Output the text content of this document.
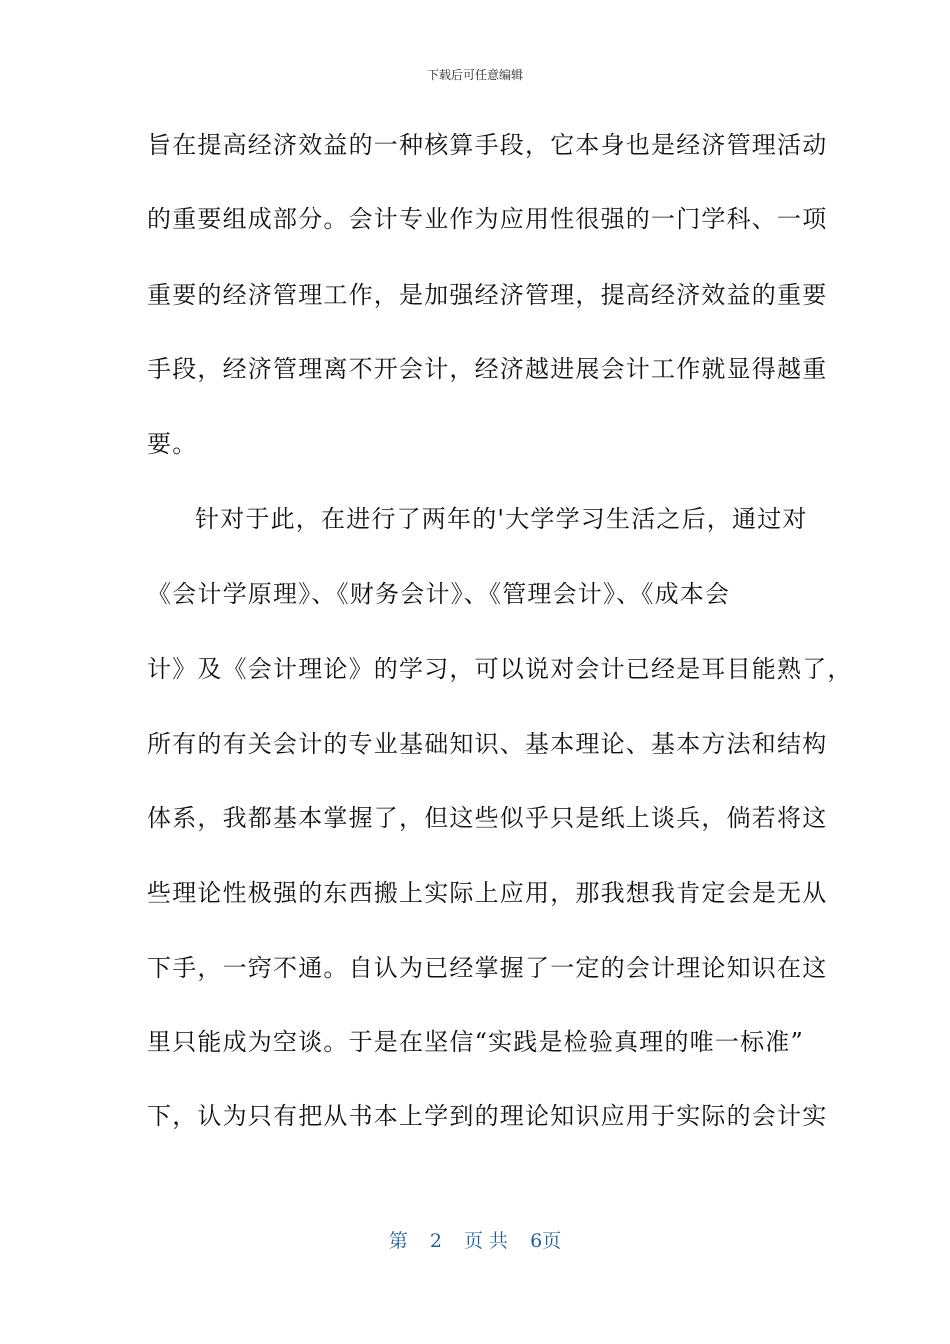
下载后可任意编辑
旨在提高经济效益的一种核算手段，它本身也是经济管理活动
的重要组成部分。会计专业作为应用性很强的一门学科、一项
重要的经济管理工作，是加强经济管理，提高经济效益的重要
手段，经济管理离不开会计，经济越进展会计工作就显得越重
要。
针对于此，在进行了两年的'大学学习生活之后，通过对
《会计学原理》、《财务会计》、《管理会计》、《成本会
计》及《会计理论》的学习，可以说对会计已经是耳目能熟了，
所有的有关会计的专业基础知识、基本理论、基本方法和结构
体系，我都基本掌握了，但这些似乎只是纸上谈兵，倘若将这
些理论性极强的东西搬上实际上应用，那我想我肯定会是无从
下手，一窍不通。自认为已经掌握了一定的会计理论知识在这
里只能成为空谈。于是在坚信“实践是检验真理的唯一标准”
下，认为只有把从书本上学到的理论知识应用于实际的会计实
第 2 页 共 6页
